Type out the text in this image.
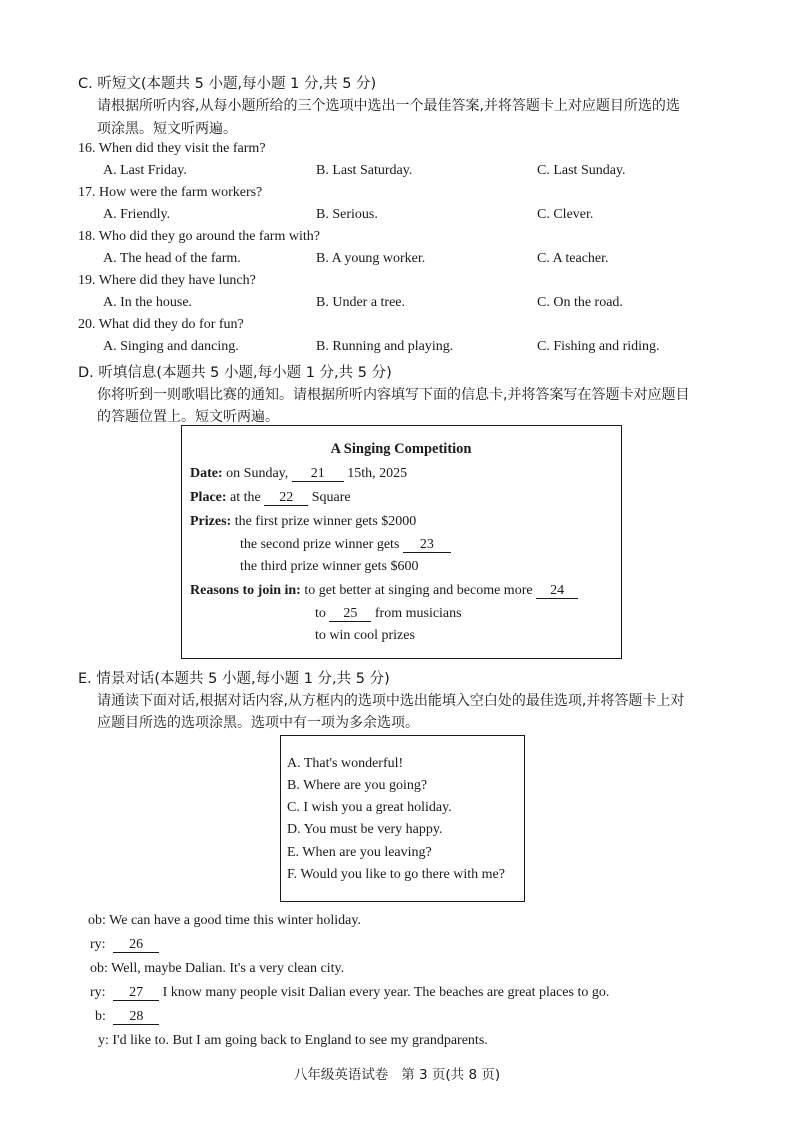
C. 听短文(本题共 5 小题,每小题 1 分,共 5 分)
请根据所听内容,从每小题所给的三个选项中选出一个最佳答案,并将答题卡上对应题目所选的选
项涂黑。短文听两遍。
16. When did they visit the farm?
A. Last Friday.	B. Last Saturday.	C. Last Sunday.
17. How were the farm workers?
A. Friendly.	B. Serious.	C. Clever.
18. Who did they go around the farm with?
A. The head of the farm.	B. A young worker.	C. A teacher.
19. Where did they have lunch?
A. In the house.	B. Under a tree.	C. On the road.
20. What did they do for fun?
A. Singing and dancing.	B. Running and playing.	C. Fishing and riding.
D. 听填信息(本题共 5 小题,每小题 1 分,共 5 分)
你将听到一则歌唱比赛的通知。请根据所听内容填写下面的信息卡,并将答案写在答题卡对应题目
的答题位置上。短文听两遍。
A Singing Competition
Date: on Sunday, 21 15th, 2025
Place: at the 22 Square
Prizes: the first prize winner gets $2000
the second prize winner gets 23
the third prize winner gets $600
Reasons to join in: to get better at singing and become more 24
to 25 from musicians
to win cool prizes
E. 情景对话(本题共 5 小题,每小题 1 分,共 5 分)
请通读下面对话,根据对话内容,从方框内的选项中选出能填入空白处的最佳选项,并将答题卡上对
应题目所选的选项涂黑。选项中有一项为多余选项。
A. That's wonderful!
B. Where are you going?
C. I wish you a great holiday.
D. You must be very happy.
E. When are you leaving?
F. Would you like to go there with me?
ob: We can have a good time this winter holiday.
ry: 26
ob: Well, maybe Dalian. It's a very clean city.
ry: 27 I know many people visit Dalian every year. The beaches are great places to go.
b: 28
y: I'd like to. But I am going back to England to see my grandparents.
八年级英语试卷   第 3 页(共 8 页)
